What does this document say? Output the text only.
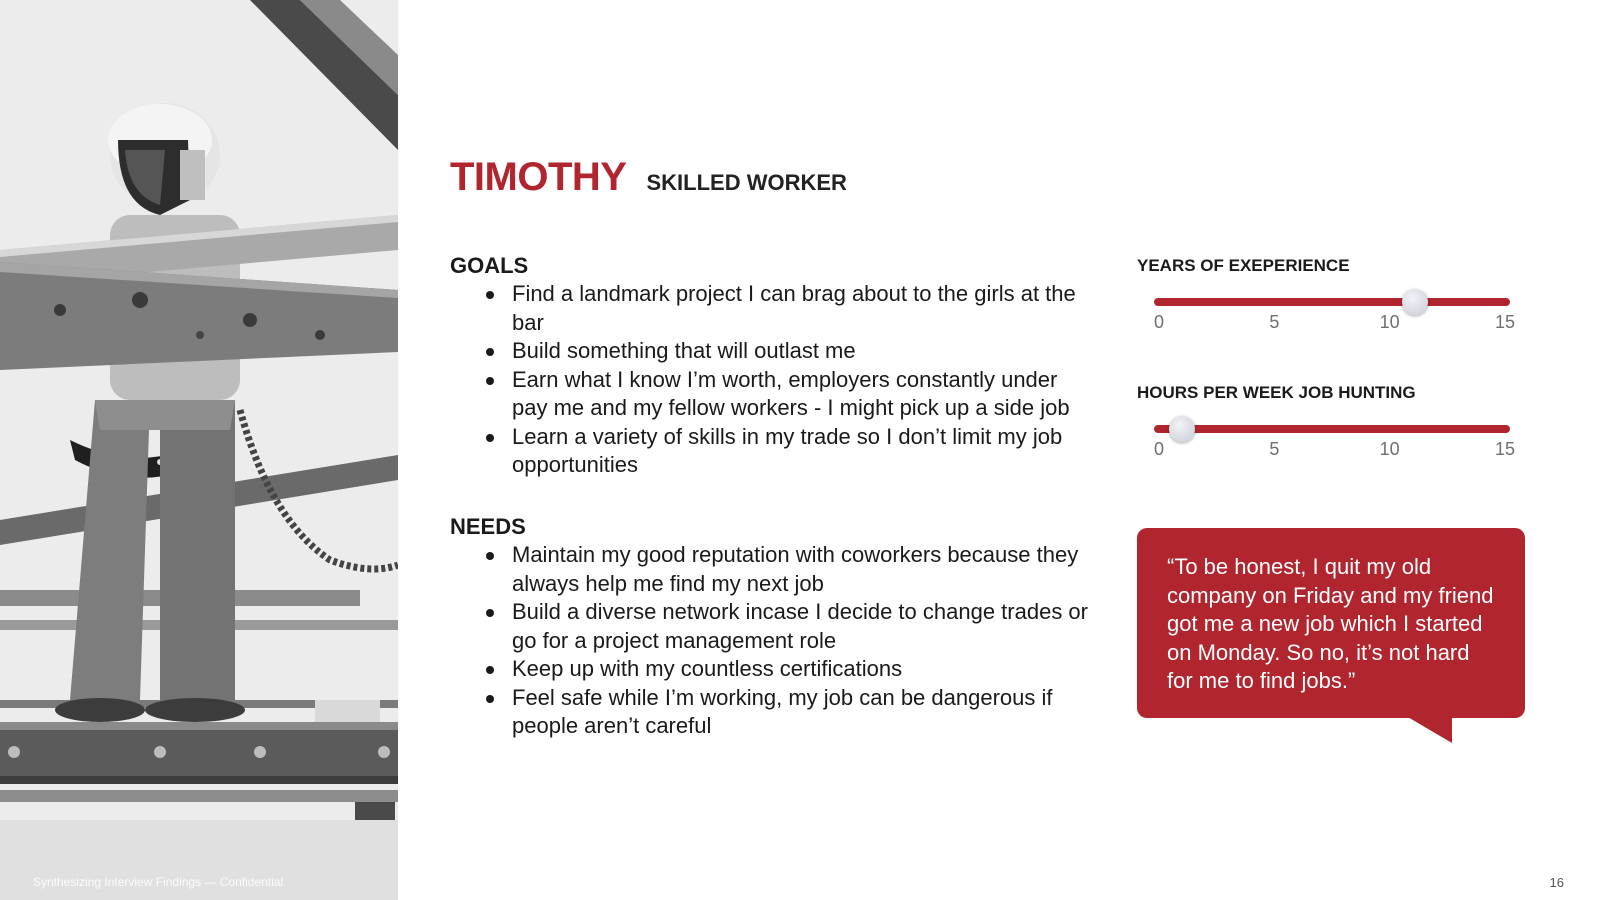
Synthesizing Interview Findings — Confidential
TIMOTHY SKILLED WORKER
GOALS
Find a landmark project I can brag about to the girls at the bar
Build something that will outlast me
Earn what I know I’m worth, employers constantly under pay me and my fellow workers - I might pick up a side job
Learn a variety of skills in my trade so I don’t limit my job opportunities
NEEDS
Maintain my good reputation with coworkers because they always help me find my next job
Build a diverse network incase I decide to change trades or go for a project management role
Keep up with my countless certifications
Feel safe while I’m working, my job can be dangerous if people aren’t careful
YEARS OF EXEPERIENCE
0	5	10	15
HOURS PER WEEK JOB HUNTING
0	5	10	15
“To be honest, I quit my old company on Friday and my friend got me a new job which I started on Monday. So no, it’s not hard for me to find jobs.”
16
